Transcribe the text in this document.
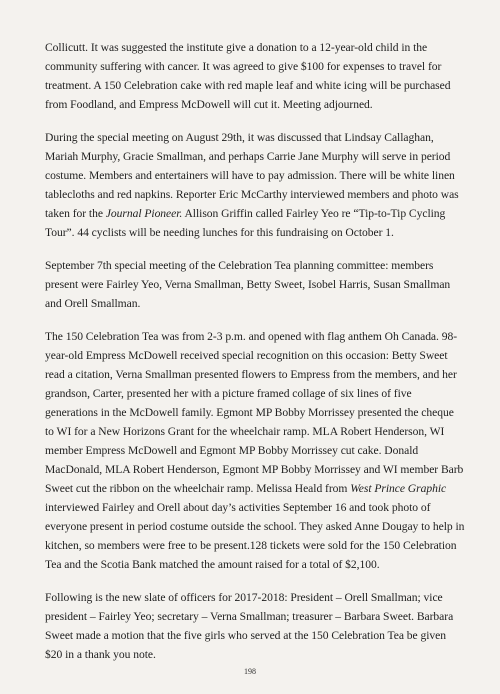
Collicutt. It was suggested the institute give a donation to a 12-year-old child in the community suffering with cancer. It was agreed to give $100 for expenses to travel for treatment. A 150 Celebration cake with red maple leaf and white icing will be purchased from Foodland, and Empress McDowell will cut it. Meeting adjourned.

During the special meeting on August 29th, it was discussed that Lindsay Callaghan, Mariah Murphy, Gracie Smallman, and perhaps Carrie Jane Murphy will serve in period costume. Members and entertainers will have to pay admission. There will be white linen tablecloths and red napkins. Reporter Eric McCarthy interviewed members and photo was taken for the Journal Pioneer. Allison Griffin called Fairley Yeo re “Tip-to-Tip Cycling Tour”. 44 cyclists will be needing lunches for this fundraising on October 1.

September 7th special meeting of the Celebration Tea planning committee: members present were Fairley Yeo, Verna Smallman, Betty Sweet, Isobel Harris, Susan Smallman and Orell Smallman.

The 150 Celebration Tea was from 2-3 p.m. and opened with flag anthem Oh Canada. 98-year-old Empress McDowell received special recognition on this occasion: Betty Sweet read a citation, Verna Smallman presented flowers to Empress from the members, and her grandson, Carter, presented her with a picture framed collage of six lines of five generations in the McDowell family. Egmont MP Bobby Morrissey presented the cheque to WI for a New Horizons Grant for the wheelchair ramp. MLA Robert Henderson, WI member Empress McDowell and Egmont MP Bobby Morrissey cut cake. Donald MacDonald, MLA Robert Henderson, Egmont MP Bobby Morrissey and WI member Barb Sweet cut the ribbon on the wheelchair ramp. Melissa Heald from West Prince Graphic interviewed Fairley and Orell about day’s activities September 16 and took photo of everyone present in period costume outside the school. They asked Anne Dougay to help in kitchen, so members were free to be present.128 tickets were sold for the 150 Celebration Tea and the Scotia Bank matched the amount raised for a total of $2,100.

Following is the new slate of officers for 2017-2018: President – Orell Smallman; vice president – Fairley Yeo; secretary – Verna Smallman; treasurer – Barbara Sweet. Barbara Sweet made a motion that the five girls who served at the 150 Celebration Tea be given $20 in a thank you note.

198
